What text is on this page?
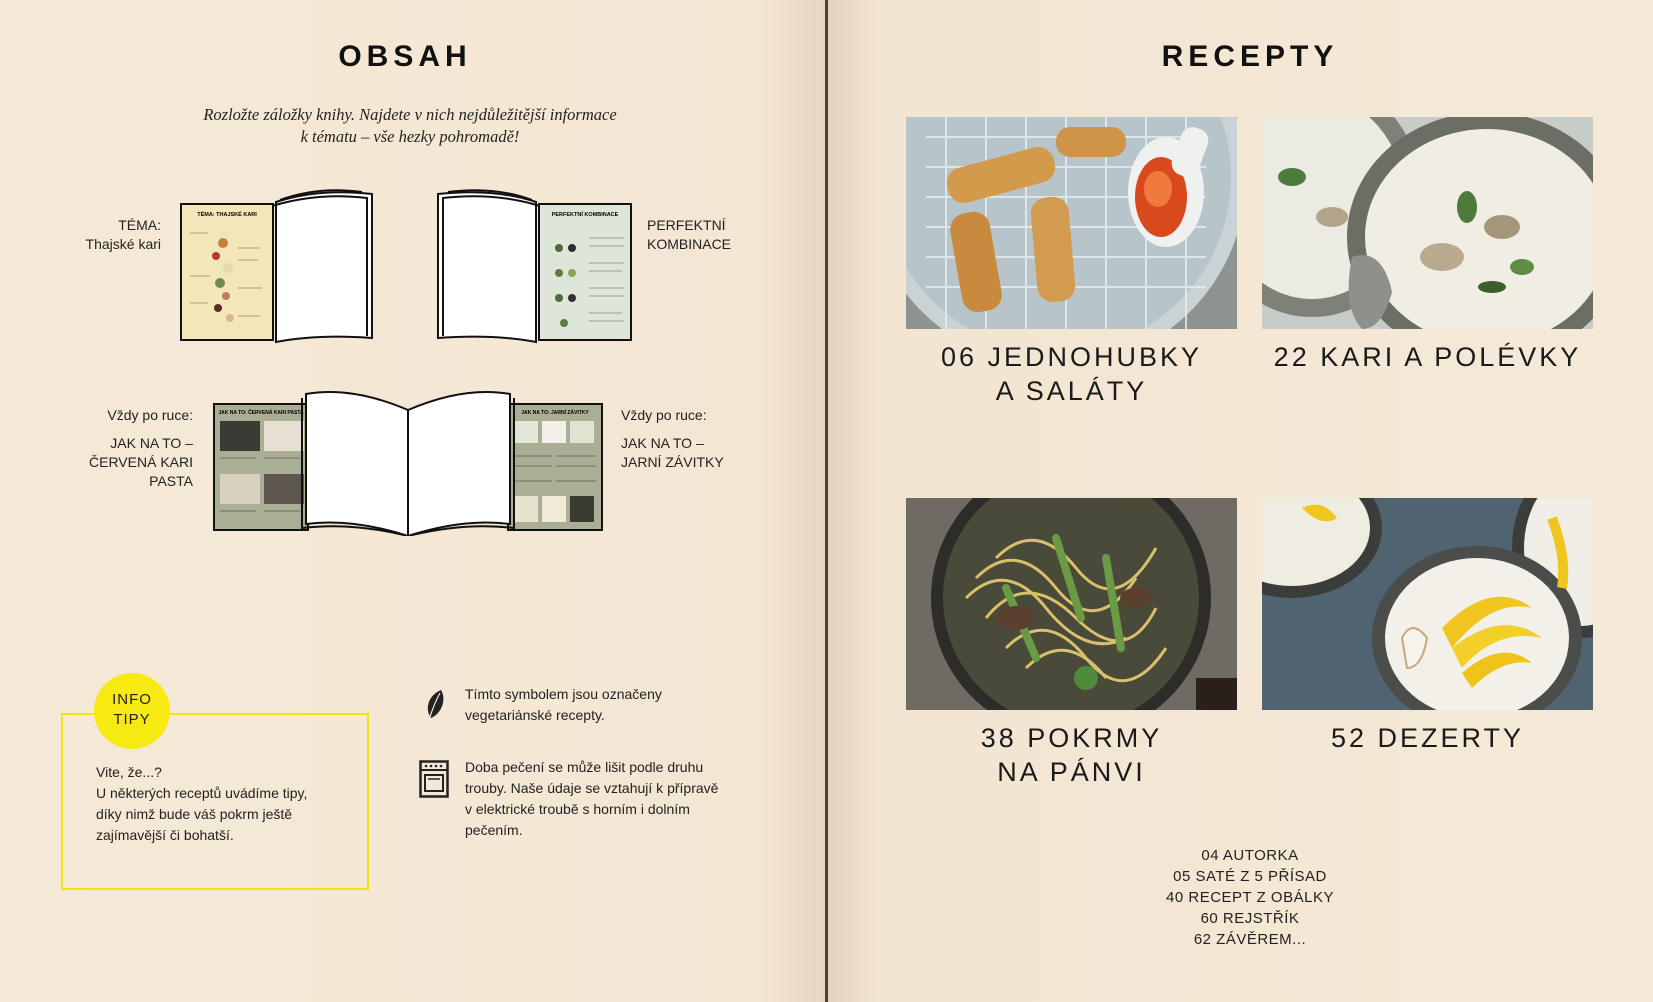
OBSAH
Rozložte záložky knihy. Najdete v nich nejdůležitější informace
k tématu – vše hezky pohromadě!
TÉMA:
Thajské kari
TÉMA: THAJSKÉ KARI	PERFEKTNÍ KOMBINACE
PERFEKTNÍ
KOMBINACE
Vždy po ruce:
JAK NA TO –
ČERVENÁ KARI
PASTA
JAK NA TO: ČERVENÁ KARI PASTA	JAK NA TO: JARNÍ ZÁVITKY Vždy po ruce:
JAK NA TO –
JARNÍ ZÁVITKY
INFO
TIPY
Vite, že...?
U některých receptů uvádíme tipy,
díky nimž bude váš pokrm ještě
zajímavější či bohatší.
Tímto symbolem jsou označeny
vegetariánské recepty.
Doba pečení se může lišit podle druhu
trouby. Naše údaje se vztahují k přípravě
v elektrické troubě s horním i dolním
pečením.
RECEPTY
06 JEDNOHUBKY
A SALÁTY
22 KARI A POLÉVKY
38 POKRMY
NA PÁNVI
52 DEZERTY
04 AUTORKA
05 SATÉ Z 5 PŘÍSAD
40 RECEPT Z OBÁLKY
60 REJSTŘÍK
62 ZÁVĚREM...
